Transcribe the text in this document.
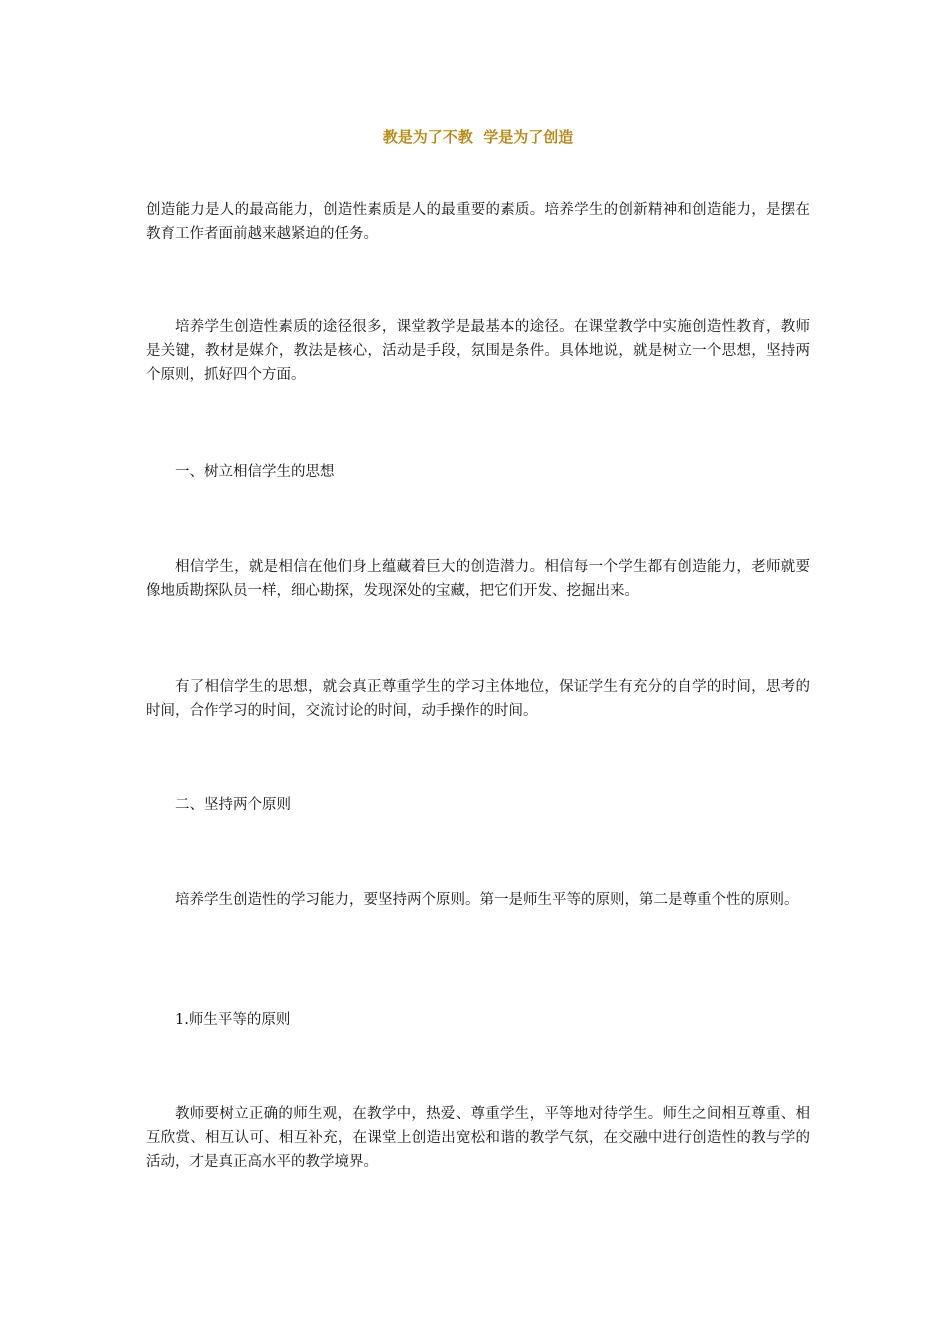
教是为了不教  学是为了创造

创造能力是人的最高能力，创造性素质是人的最重要的素质。培养学生的创新精神和创造能力，是摆在教育工作者面前越来越紧迫的任务。

培养学生创造性素质的途径很多，课堂教学是最基本的途径。在课堂教学中实施创造性教育，教师是关键，教材是媒介，教法是核心，活动是手段，氛围是条件。具体地说，就是树立一个思想，坚持两个原则，抓好四个方面。

一、树立相信学生的思想

相信学生，就是相信在他们身上蕴藏着巨大的创造潜力。相信每一个学生都有创造能力，老师就要像地质勘探队员一样，细心勘探，发现深处的宝藏，把它们开发、挖掘出来。

有了相信学生的思想，就会真正尊重学生的学习主体地位，保证学生有充分的自学的时间，思考的时间，合作学习的时间，交流讨论的时间，动手操作的时间。

二、坚持两个原则

培养学生创造性的学习能力，要坚持两个原则。第一是师生平等的原则，第二是尊重个性的原则。

1.师生平等的原则

教师要树立正确的师生观，在教学中，热爱、尊重学生，平等地对待学生。师生之间相互尊重、相互欣赏、相互认可、相互补充，在课堂上创造出宽松和谐的教学气氛，在交融中进行创造性的教与学的活动，才是真正高水平的教学境界。
